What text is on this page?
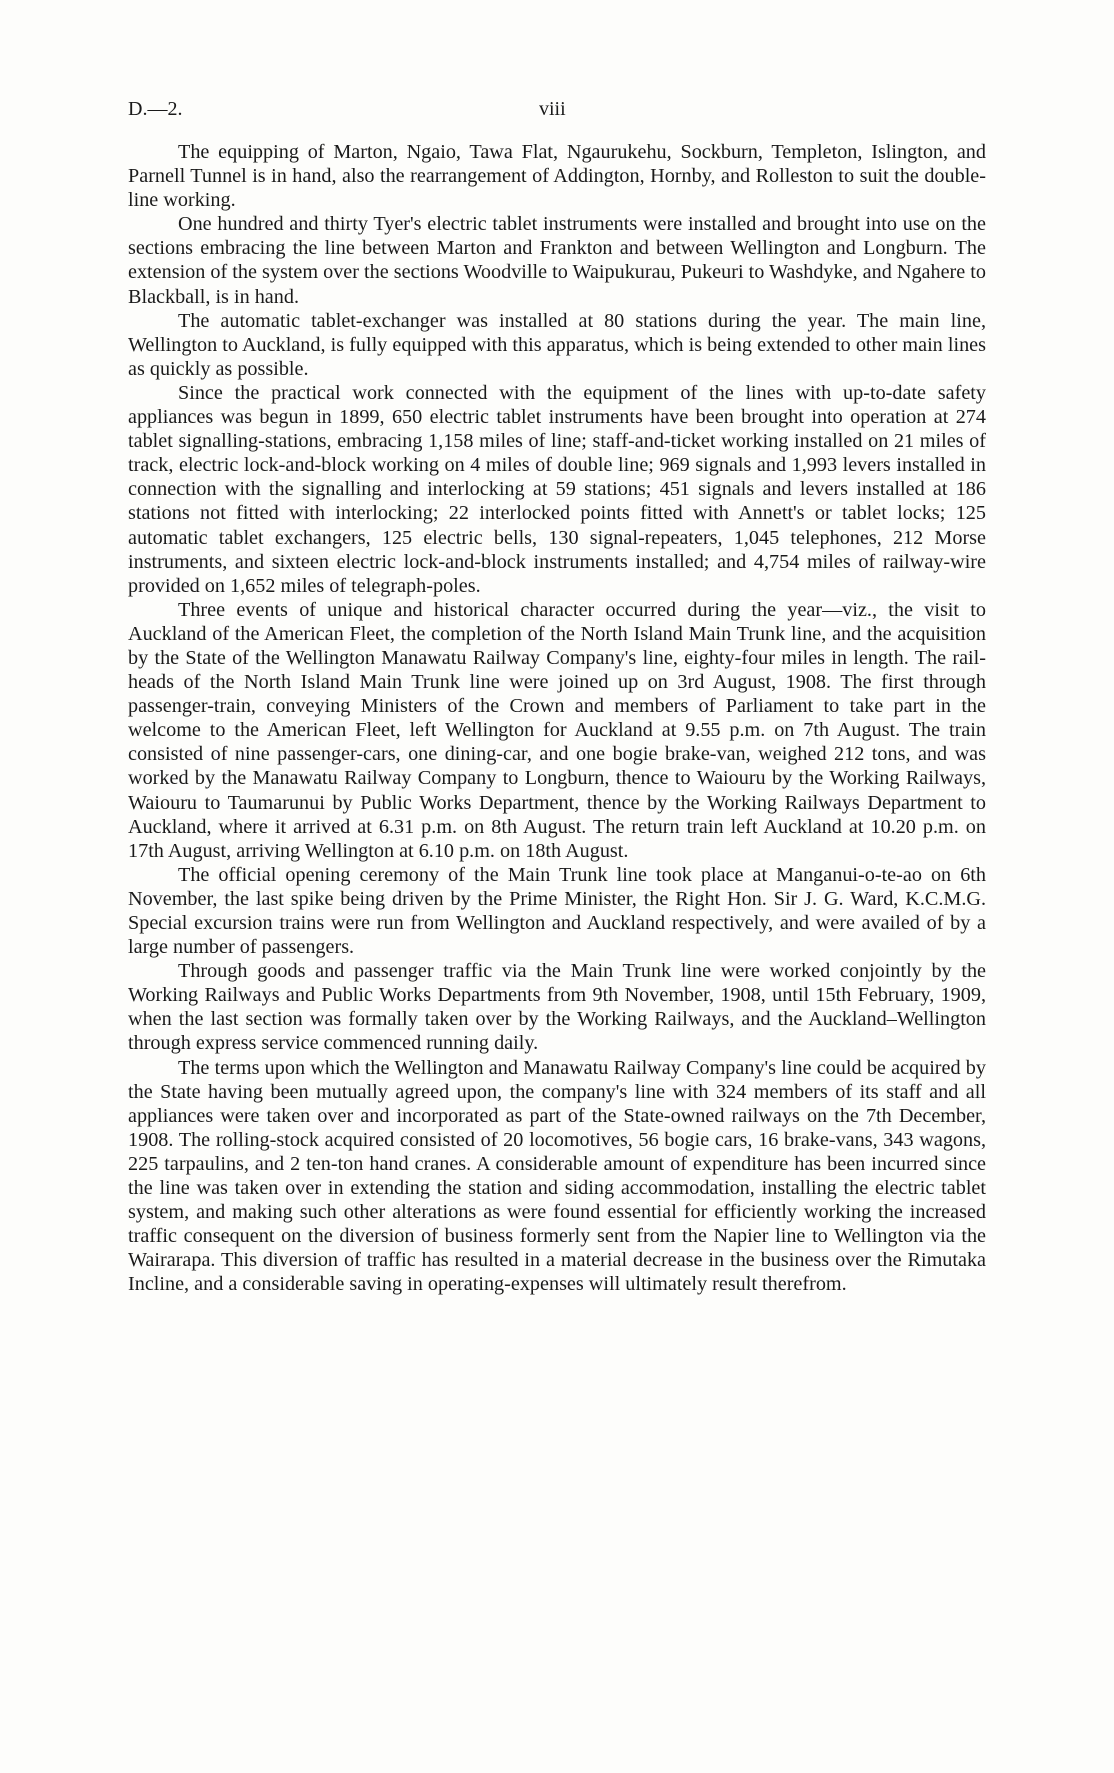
D.—2.	viii

The equipping of Marton, Ngaio, Tawa Flat, Ngaurukehu, Sockburn, Templeton, Islington, and Parnell Tunnel is in hand, also the rearrangement of Addington, Hornby, and Rolleston to suit the double-line working.

One hundred and thirty Tyer's electric tablet instruments were installed and brought into use on the sections embracing the line between Marton and Frankton and between Wellington and Longburn. The extension of the system over the sections Woodville to Waipukurau, Pukeuri to Washdyke, and Ngahere to Blackball, is in hand.

The automatic tablet-exchanger was installed at 80 stations during the year. The main line, Wellington to Auckland, is fully equipped with this apparatus, which is being extended to other main lines as quickly as possible.

Since the practical work connected with the equipment of the lines with up-to-date safety appliances was begun in 1899, 650 electric tablet instruments have been brought into operation at 274 tablet signalling-stations, embracing 1,158 miles of line; staff-and-ticket working installed on 21 miles of track, electric lock-and-block working on 4 miles of double line; 969 signals and 1,993 levers installed in connection with the signalling and interlocking at 59 stations; 451 signals and levers installed at 186 stations not fitted with interlocking; 22 interlocked points fitted with Annett's or tablet locks; 125 automatic tablet exchangers, 125 electric bells, 130 signal-repeaters, 1,045 telephones, 212 Morse instruments, and sixteen electric lock-and-block instruments installed; and 4,754 miles of railway-wire provided on 1,652 miles of telegraph-poles.

Three events of unique and historical character occurred during the year—viz., the visit to Auckland of the American Fleet, the completion of the North Island Main Trunk line, and the acquisition by the State of the Wellington Manawatu Railway Company's line, eighty-four miles in length. The rail-heads of the North Island Main Trunk line were joined up on 3rd August, 1908. The first through passenger-train, conveying Ministers of the Crown and members of Parliament to take part in the welcome to the American Fleet, left Wellington for Auckland at 9.55 p.m. on 7th August. The train consisted of nine passenger-cars, one dining-car, and one bogie brake-van, weighed 212 tons, and was worked by the Manawatu Railway Company to Longburn, thence to Waiouru by the Working Railways, Waiouru to Taumarunui by Public Works Department, thence by the Working Railways Department to Auckland, where it arrived at 6.31 p.m. on 8th August. The return train left Auckland at 10.20 p.m. on 17th August, arriving Wellington at 6.10 p.m. on 18th August.

The official opening ceremony of the Main Trunk line took place at Manganui-o-te-ao on 6th November, the last spike being driven by the Prime Minister, the Right Hon. Sir J. G. Ward, K.C.M.G. Special excursion trains were run from Wellington and Auckland respectively, and were availed of by a large number of passengers.

Through goods and passenger traffic via the Main Trunk line were worked conjointly by the Working Railways and Public Works Departments from 9th November, 1908, until 15th February, 1909, when the last section was formally taken over by the Working Railways, and the Auckland–Wellington through express service commenced running daily.

The terms upon which the Wellington and Manawatu Railway Company's line could be acquired by the State having been mutually agreed upon, the company's line with 324 members of its staff and all appliances were taken over and incorporated as part of the State-owned railways on the 7th December, 1908. The rolling-stock acquired consisted of 20 locomotives, 56 bogie cars, 16 brake-vans, 343 wagons, 225 tarpaulins, and 2 ten-ton hand cranes. A considerable amount of expenditure has been incurred since the line was taken over in extending the station and siding accommodation, installing the electric tablet system, and making such other alterations as were found essential for efficiently working the increased traffic consequent on the diversion of business formerly sent from the Napier line to Wellington via the Wairarapa. This diversion of traffic has resulted in a material decrease in the business over the Rimutaka Incline, and a considerable saving in operating-expenses will ultimately result therefrom.
